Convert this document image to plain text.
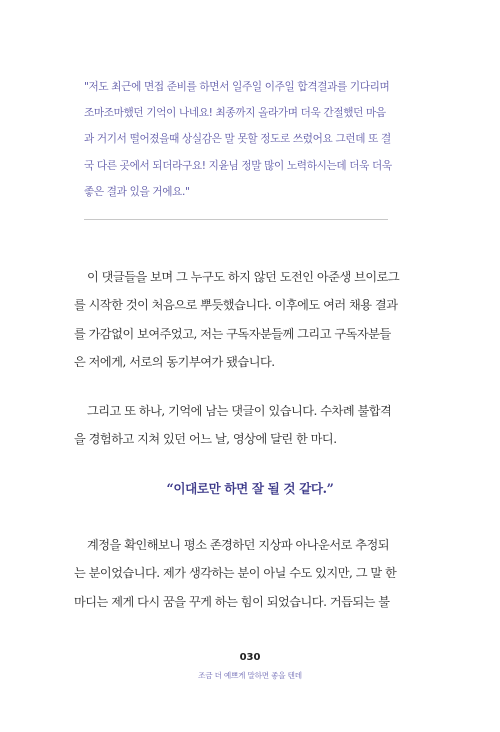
"저도 최근에 면접 준비를 하면서 일주일 이주일 합격결과를 기다리며
조마조마했던 기억이 나네요! 최종까지 올라가며 더욱 간절했던 마음
과 거기서 떨어졌을때 상실감은 말 못할 정도로 쓰렸어요 그런데 또 결
국 다른 곳에서 되더라구요! 지윤님 정말 많이 노력하시는데 더욱 더욱
좋은 결과 있을 거에요."
이 댓글들을 보며 그 누구도 하지 않던 도전인 아준생 브이로그
를 시작한 것이 처음으로 뿌듯했습니다. 이후에도 여러 채용 결과
를 가감없이 보여주었고, 저는 구독자분들께 그리고 구독자분들
은 저에게, 서로의 동기부여가 됐습니다.
그리고 또 하나, 기억에 남는 댓글이 있습니다. 수차례 불합격
을 경험하고 지쳐 있던 어느 날, 영상에 달린 한 마디.
“이대로만 하면 잘 될 것 같다.”
계정을 확인해보니 평소 존경하던 지상파 아나운서로 추정되
는 분이었습니다. 제가 생각하는 분이 아닐 수도 있지만, 그 말 한
마디는 제게 다시 꿈을 꾸게 하는 힘이 되었습니다. 거듭되는 불
030
조금 더 예쁘게 말하면 좋을 텐데
